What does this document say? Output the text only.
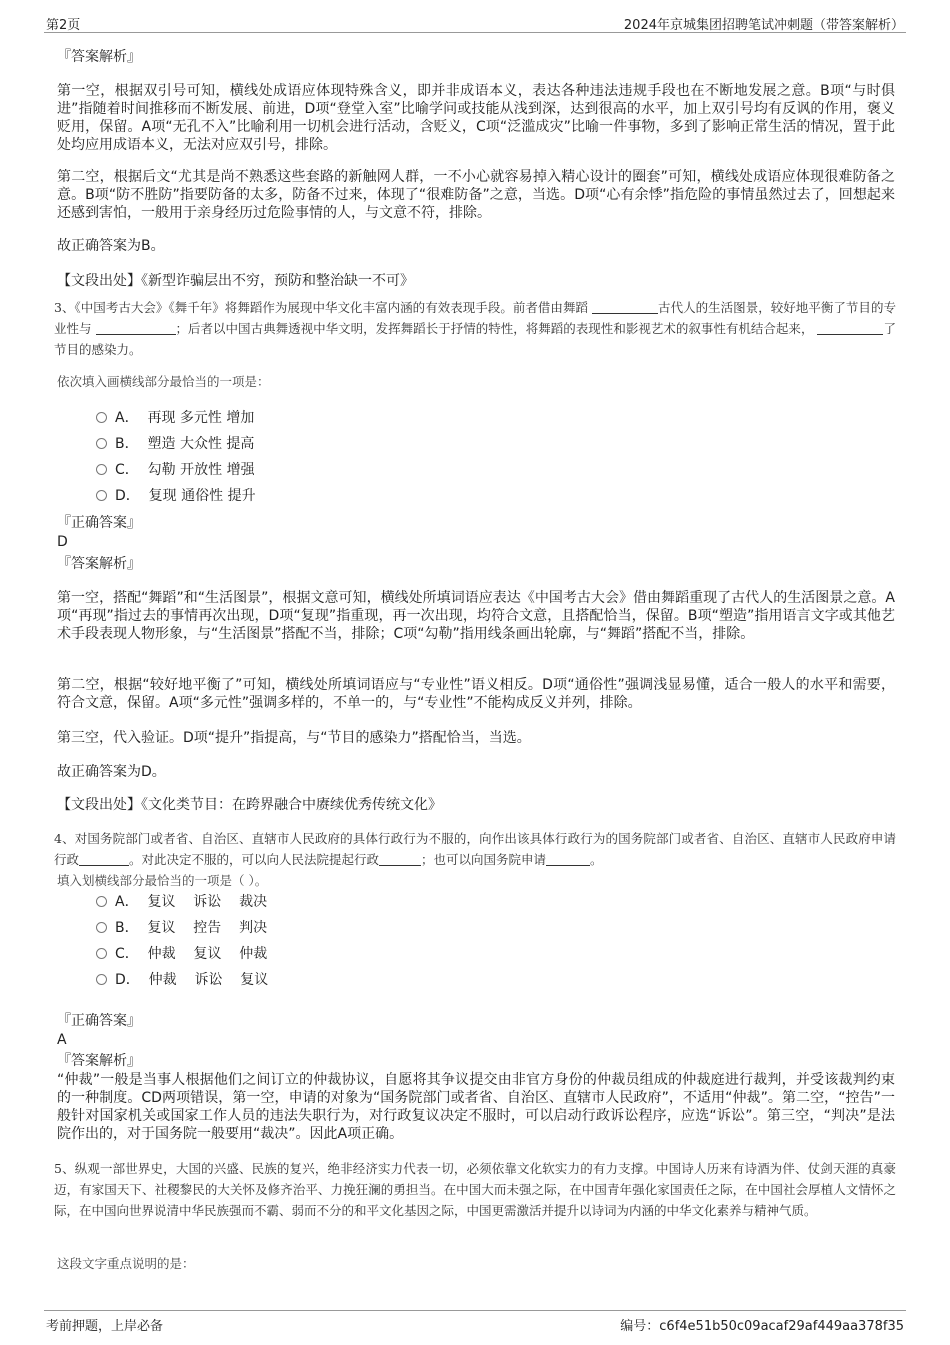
第2页	2024年京城集团招聘笔试冲刺题（带答案解析）
『答案解析』
第一空，根据双引号可知，横线处成语应体现特殊含义，即并非成语本义，表达各种违法违规手段也在不断地发展之意。B项“与时俱进”指随着时间推移而不断发展、前进，D项“登堂入室”比喻学问或技能从浅到深，达到很高的水平，加上双引号均有反讽的作用，褒义贬用，保留。A项“无孔不入”比喻利用一切机会进行活动，含贬义，C项“泛滥成灾”比喻一件事物，多到了影响正常生活的情况，置于此处均应用成语本义，无法对应双引号，排除。
第二空，根据后文“尤其是尚不熟悉这些套路的新触网人群，一不小心就容易掉入精心设计的圈套”可知，横线处成语应体现很难防备之意。B项“防不胜防”指要防备的太多，防备不过来，体现了“很难防备”之意，当选。D项“心有余悸”指危险的事情虽然过去了，回想起来还感到害怕，一般用于亲身经历过危险事情的人，与文意不符，排除。
故正确答案为B。
【文段出处】《新型诈骗层出不穷，预防和整治缺一不可》
3、《中国考古大会》《舞千年》将舞蹈作为展现中华文化丰富内涵的有效表现手段。前者借由舞蹈	古代人的生活图景，较好地平衡了节目的专业性与	；后者以中国古典舞透视中华文明，发挥舞蹈长于抒情的特性，将舞蹈的表现性和影视艺术的叙事性有机结合起来，	了节目的感染力。
依次填入画横线部分最恰当的一项是：
A．  再现 多元性 增加
B．  塑造 大众性 提高
C．  勾勒 开放性 增强
D．  复现 通俗性 提升
『正确答案』
D
『答案解析』
第一空，搭配“舞蹈”和“生活图景”，根据文意可知，横线处所填词语应表达《中国考古大会》借由舞蹈重现了古代人的生活图景之意。A项“再现”指过去的事情再次出现，D项“复现”指重现，再一次出现，均符合文意，且搭配恰当，保留。B项“塑造”指用语言文字或其他艺术手段表现人物形象，与“生活图景”搭配不当，排除；C项“勾勒”指用线条画出轮廓，与“舞蹈”搭配不当，排除。
第二空，根据“较好地平衡了”可知，横线处所填词语应与“专业性”语义相反。D项“通俗性”强调浅显易懂，适合一般人的水平和需要，符合文意，保留。A项“多元性”强调多样的，不单一的，与“专业性”不能构成反义并列，排除。
第三空，代入验证。D项“提升”指提高，与“节目的感染力”搭配恰当，当选。
故正确答案为D。
【文段出处】《文化类节目：在跨界融合中赓续优秀传统文化》
4、对国务院部门或者省、自治区、直辖市人民政府的具体行政行为不服的，向作出该具体行政行为的国务院部门或者省、自治区、直辖市人民政府申请行政	。对此决定不服的，可以向人民法院提起行政	；也可以向国务院申请	。
填入划横线部分最恰当的一项是（ ）。
A．  复议    诉讼    裁决
B．  复议    控告    判决
C．  仲裁    复议    仲裁
D．  仲裁    诉讼    复议
『正确答案』
A
『答案解析』
“仲裁”一般是当事人根据他们之间订立的仲裁协议，自愿将其争议提交由非官方身份的仲裁员组成的仲裁庭进行裁判，并受该裁判约束的一种制度。CD两项错误，第一空，申请的对象为“国务院部门或者省、自治区、直辖市人民政府”，不适用“仲裁”。第二空，“控告”一般针对国家机关或国家工作人员的违法失职行为，对行政复议决定不服时，可以启动行政诉讼程序，应选“诉讼”。第三空，“判决”是法院作出的，对于国务院一般要用“裁决”。因此A项正确。
5、纵观一部世界史，大国的兴盛、民族的复兴，绝非经济实力代表一切，必须依靠文化软实力的有力支撑。中国诗人历来有诗酒为伴、仗剑天涯的真豪迈，有家国天下、社稷黎民的大关怀及修齐治平、力挽狂澜的勇担当。在中国大而未强之际，在中国青年强化家国责任之际，在中国社会厚植人文情怀之际，在中国向世界说清中华民族强而不霸、弱而不分的和平文化基因之际，中国更需激活并提升以诗词为内涵的中华文化素养与精神气质。
这段文字重点说明的是：
考前押题，上岸必备	编号：c6f4e51b50c09acaf29af449aa378f35
